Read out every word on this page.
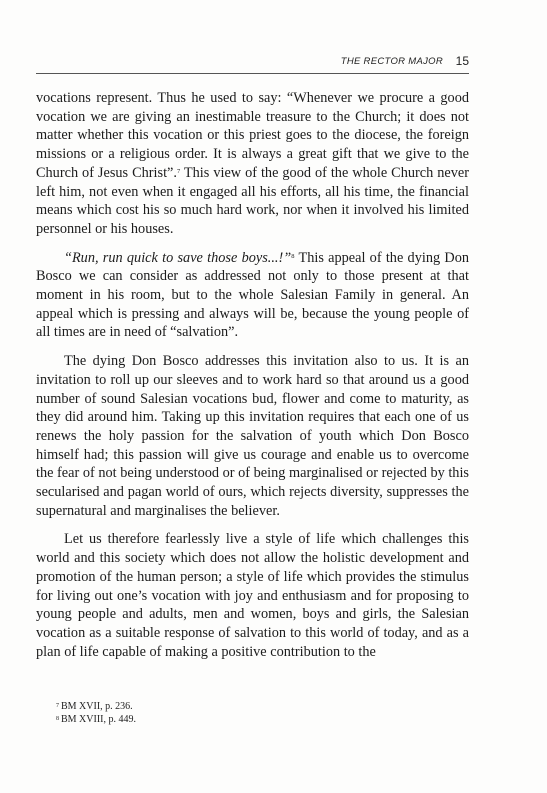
THE RECTOR MAJOR 15

vocations represent. Thus he used to say: “Whenever we procure a good vocation we are giving an inestimable treasure to the Church; it does not matter whether this vocation or this priest goes to the diocese, the foreign missions or a religious order. It is always a great gift that we give to the Church of Jesus Christ”.$^7$ This view of the good of the whole Church never left him, not even when it engaged all his efforts, all his time, the financial means which cost his so much hard work, nor when it involved his limited personnel or his houses.

“Run, run quick to save those boys...!”$^8$ This appeal of the dying Don Bosco we can consider as addressed not only to those present at that moment in his room, but to the whole Salesian Family in general. An appeal which is pressing and always will be, because the young people of all times are in need of “salvation”.

The dying Don Bosco addresses this invitation also to us. It is an invitation to roll up our sleeves and to work hard so that around us a good number of sound Salesian vocations bud, flower and come to maturity, as they did around him. Taking up this invitation requires that each one of us renews the holy passion for the salvation of youth which Don Bosco himself had; this passion will give us courage and enable us to overcome the fear of not being understood or of being marginalised or rejected by this secularised and pagan world of ours, which rejects diversity, suppresses the supernatural and marginalises the believer.

Let us therefore fearlessly live a style of life which challenges this world and this society which does not allow the holistic development and promotion of the human person; a style of life which provides the stimulus for living out one’s vocation with joy and enthusiasm and for proposing to young people and adults, men and women, boys and girls, the Salesian vocation as a suitable response of salvation to this world of today, and as a plan of life capable of making a positive contribution to the

$^7$ BM XVII, p. 236.
$^8$ BM XVIII, p. 449.
